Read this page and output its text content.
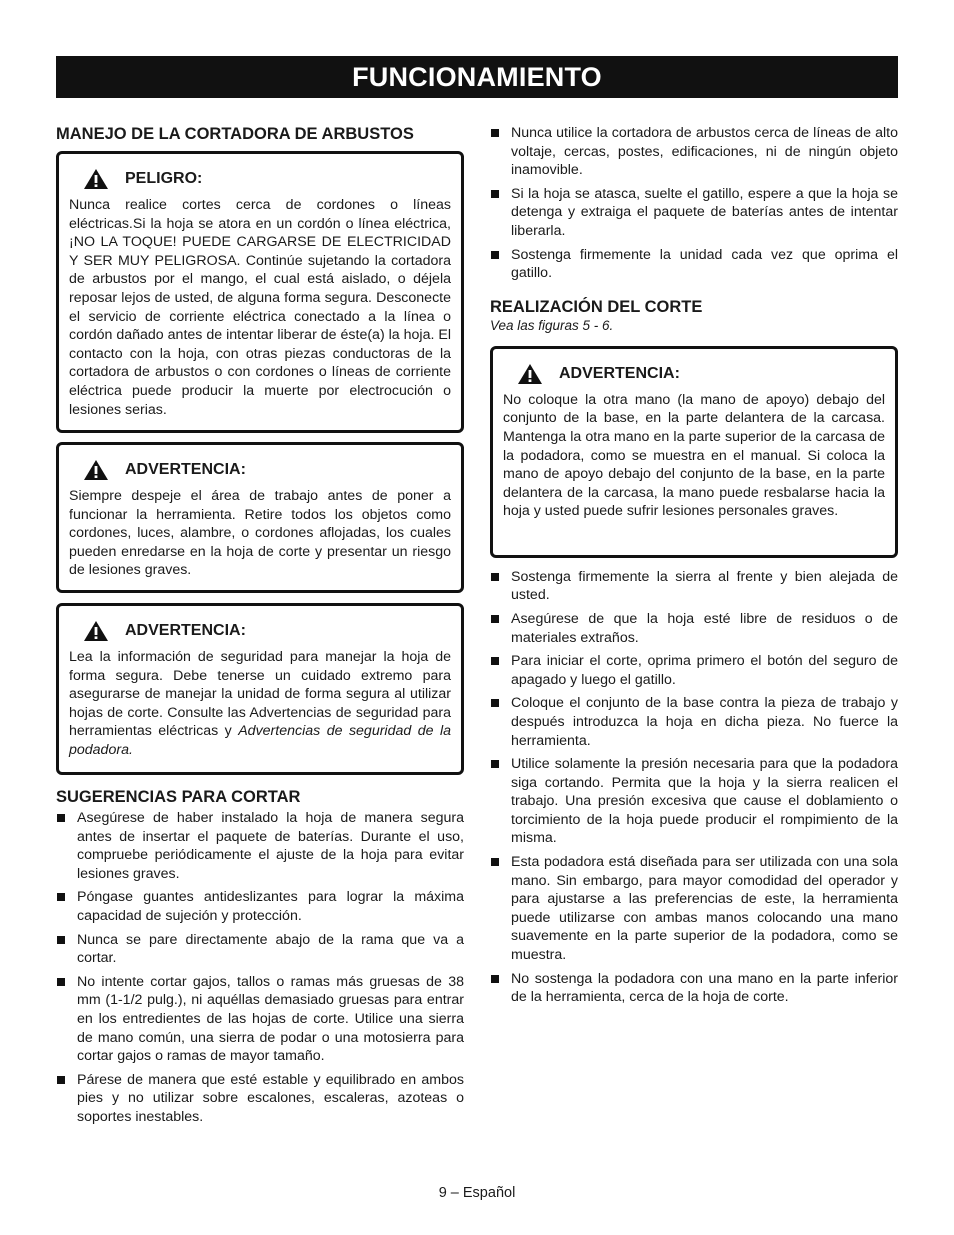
FUNCIONAMIENTO
MANEJO DE LA CORTADORA DE ARBUSTOS
PELIGRO:
Nunca realice cortes cerca de cordones o líneas eléctricas.Si la hoja se atora en un cordón o línea eléctrica, ¡NO LA TOQUE! PUEDE CARGARSE DE ELECTRICIDAD Y SER MUY PELIGROSA. Continúe sujetando la cortadora de arbustos por el mango, el cual está aislado, o déjela reposar lejos de usted, de alguna forma segura. Desconecte el servicio de corriente eléctrica conectado a la línea o cordón dañado antes de intentar liberar de éste(a) la hoja. El contacto con la hoja, con otras piezas conductoras de la cortadora de arbustos o con cordones o líneas de corriente eléctrica puede producir la muerte por electrocución o lesiones serias.
ADVERTENCIA:
Siempre despeje el área de trabajo antes de poner a funcionar la herramienta. Retire todos los objetos como cordones, luces, alambre, o cordones aflojadas, los cuales pueden enredarse en la hoja de corte y presentar un riesgo de lesiones graves.
ADVERTENCIA:
Lea la información de seguridad para manejar la hoja de forma segura. Debe tenerse un cuidado extremo para asegurarse de manejar la unidad de forma segura al utilizar hojas de corte. Consulte las Advertencias de seguridad para herramientas eléctricas y Advertencias de seguridad de la podadora.
SUGERENCIAS PARA CORTAR
Asegúrese de haber instalado la hoja de manera segura antes de insertar el paquete de baterías. Durante el uso, compruebe periódicamente el ajuste de la hoja para evitar lesiones graves.
Póngase guantes antideslizantes para lograr la máxima capacidad de sujeción y protección.
Nunca se pare directamente abajo de la rama que va a cortar.
No intente cortar gajos, tallos o ramas más gruesas de 38 mm (1-1/2 pulg.), ni aquéllas demasiado gruesas para entrar en los entredientes de las hojas de corte. Utilice una sierra de mano común, una sierra de podar o una motosierra para cortar gajos o ramas de mayor tamaño.
Párese de manera que esté estable y equilibrado en ambos pies y no utilizar sobre escalones, escaleras, azoteas o soportes inestables.
Nunca utilice la cortadora de arbustos cerca de líneas de alto voltaje, cercas, postes, edificaciones, ni de ningún objeto inamovible.
Si la hoja se atasca, suelte el gatillo, espere a que la hoja se detenga y extraiga el paquete de baterías antes de intentar liberarla.
Sostenga firmemente la unidad cada vez que oprima el gatillo.
REALIZACIÓN DEL CORTE
Vea las figuras 5 - 6.
ADVERTENCIA:
No coloque la otra mano (la mano de apoyo) debajo del conjunto de la base, en la parte delantera de la carcasa. Mantenga la otra mano en la parte superior de la carcasa de la podadora, como se muestra en el manual. Si coloca la mano de apoyo debajo del conjunto de la base, en la parte delantera de la carcasa, la mano puede resbalarse hacia la hoja y usted puede sufrir lesiones personales graves.
Sostenga firmemente la sierra al frente y bien alejada de usted.
Asegúrese de que la hoja esté libre de residuos o de materiales extraños.
Para iniciar el corte, oprima primero el botón del seguro de apagado y luego el gatillo.
Coloque el conjunto de la base contra la pieza de trabajo y después introduzca la hoja en dicha pieza. No fuerce la herramienta.
Utilice solamente la presión necesaria para que la podadora siga cortando. Permita que la hoja y la sierra realicen el trabajo. Una presión excesiva que cause el doblamiento o torcimiento de la hoja puede producir el rompimiento de la misma.
Esta podadora está diseñada para ser utilizada con una sola mano. Sin embargo, para mayor comodidad del operador y para ajustarse a las preferencias de este, la herramienta puede utilizarse con ambas manos colocando una mano suavemente en la parte superior de la podadora, como se muestra.
No sostenga la podadora con una mano en la parte inferior de la herramienta, cerca de la hoja de corte.
9 – Español
